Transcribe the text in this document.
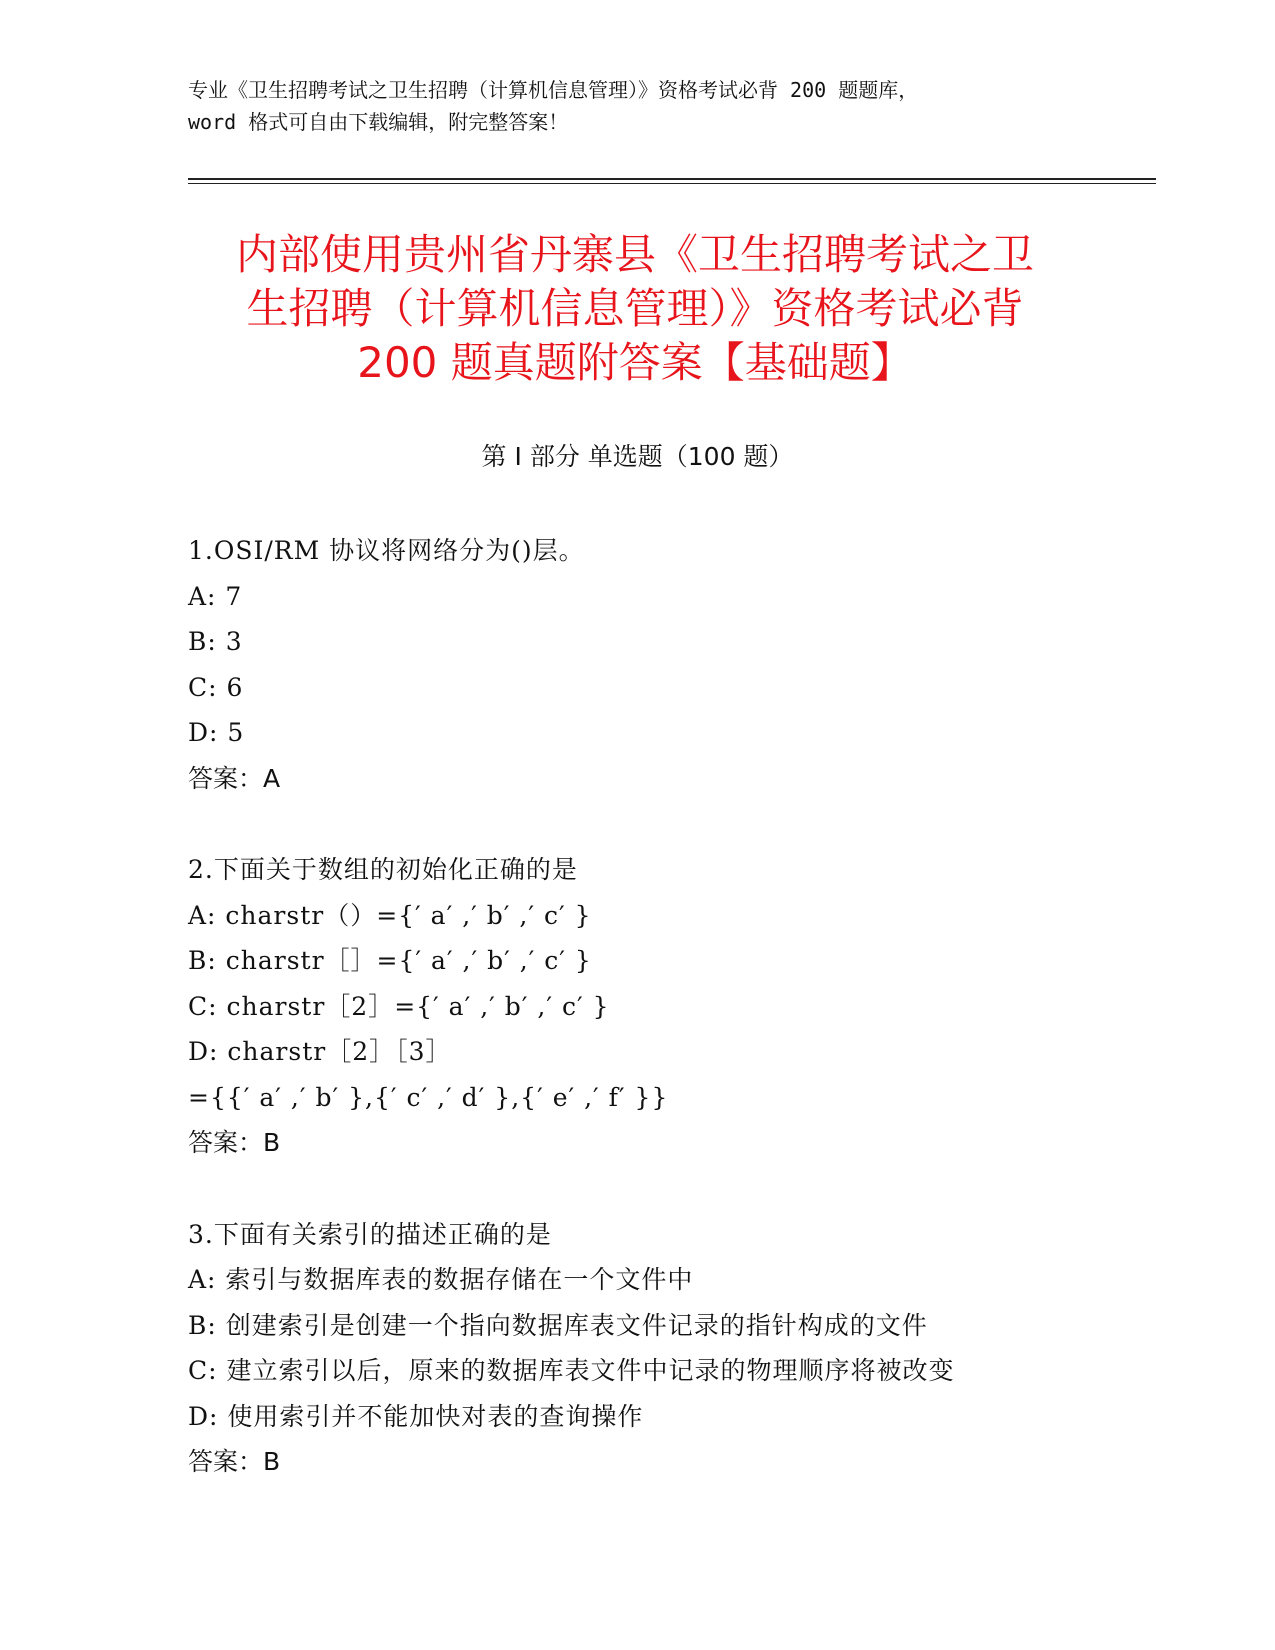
专业《卫生招聘考试之卫生招聘（计算机信息管理）》资格考试必背 200 题题库，
word 格式可自由下载编辑，附完整答案！
内部使用贵州省丹寨县《卫生招聘考试之卫
生招聘（计算机信息管理）》资格考试必背
200 题真题附答案【基础题】
第 I 部分 单选题（100 题）
1.OSI/RM 协议将网络分为()层。
A: 7
B: 3
C: 6
D: 5
答案：A
2.下面关于数组的初始化正确的是
A: charstr（）={′ a′ ,′ b′ ,′ c′ }
B: charstr［］={′ a′ ,′ b′ ,′ c′ }
C: charstr［2］={′ a′ ,′ b′ ,′ c′ }
D: charstr［2］［3］
={{′ a′ ,′ b′ },{′ c′ ,′ d′ },{′ e′ ,′ f′ }}
答案：B
3.下面有关索引的描述正确的是
A: 索引与数据库表的数据存储在一个文件中
B: 创建索引是创建一个指向数据库表文件记录的指针构成的文件
C: 建立索引以后，原来的数据库表文件中记录的物理顺序将被改变
D: 使用索引并不能加快对表的查询操作
答案：B
